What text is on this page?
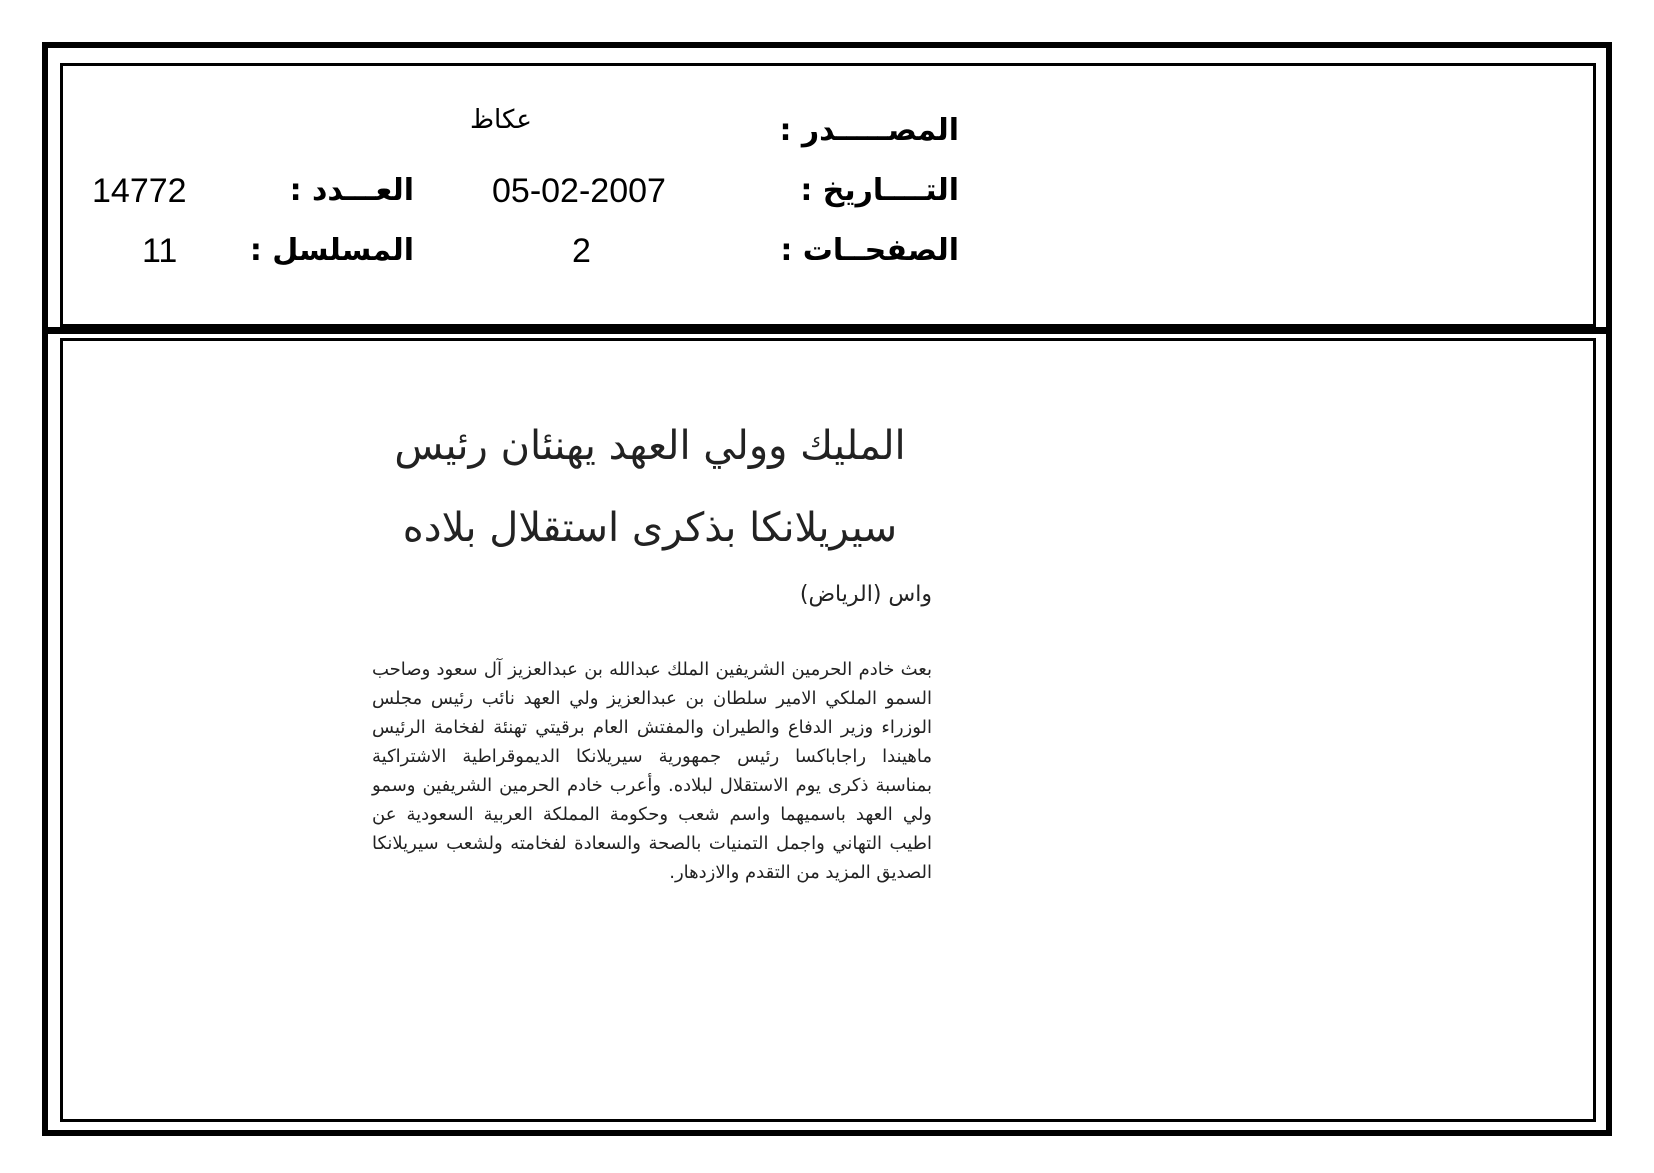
المصـــــدر :
عكاظ
التــــاريخ :
05-02-2007
العـــدد :
14772
الصفحــات :
2
المسلسل :
11
المليك وولي العهد يهنئان رئيس
سيريلانكا بذكرى استقلال بلاده
واس (الرياض)
بعث خادم الحرمين الشريفين الملك عبدالله بن عبدالعزيز آل سعود وصاحب السمو الملكي الامير سلطان بن عبدالعزيز ولي العهد نائب رئيس مجلس الوزراء وزير الدفاع والطيران والمفتش العام برقيتي تهنئة لفخامة الرئيس ماهيندا راجاباكسا رئيس جمهورية سيريلانكا الديموقراطية الاشتراكية بمناسبة ذكرى يوم الاستقلال لبلاده. وأعرب خادم الحرمين الشريفين وسمو ولي العهد باسميهما واسم شعب وحكومة المملكة العربية السعودية عن اطيب التهاني واجمل التمنيات بالصحة والسعادة لفخامته ولشعب سيريلانكا الصديق المزيد من التقدم والازدهار.
